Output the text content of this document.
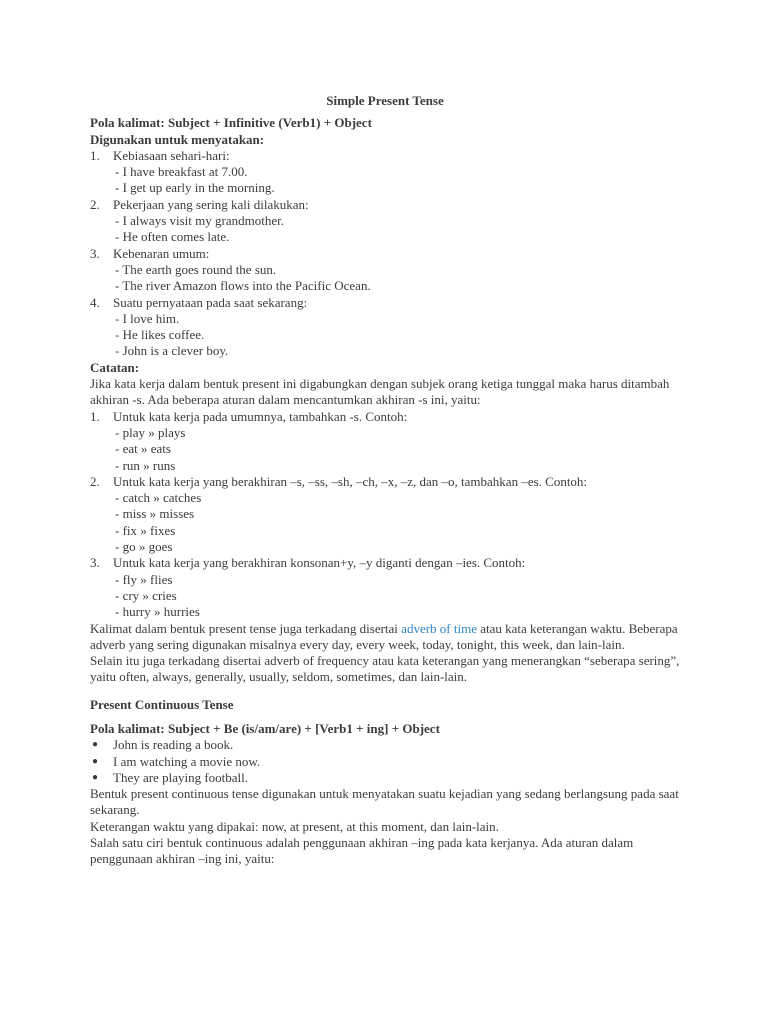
Simple Present Tense
Pola kalimat: Subject + Infinitive (Verb1) + Object
Digunakan untuk menyatakan:
1. Kebiasaan sehari-hari:
- I have breakfast at 7.00.
- I get up early in the morning.
2. Pekerjaan yang sering kali dilakukan:
- I always visit my grandmother.
- He often comes late.
3. Kebenaran umum:
- The earth goes round the sun.
- The river Amazon flows into the Pacific Ocean.
4. Suatu pernyataan pada saat sekarang:
- I love him.
- He likes coffee.
- John is a clever boy.
Catatan:
Jika kata kerja dalam bentuk present ini digabungkan dengan subjek orang ketiga tunggal maka harus ditambah akhiran -s. Ada beberapa aturan dalam mencantumkan akhiran -s ini, yaitu:
1. Untuk kata kerja pada umumnya, tambahkan -s. Contoh:
- play » plays
- eat » eats
- run » runs
2. Untuk kata kerja yang berakhiran –s, –ss, –sh, –ch, –x, –z, dan –o, tambahkan –es. Contoh:
- catch » catches
- miss » misses
- fix » fixes
- go » goes
3. Untuk kata kerja yang berakhiran konsonan+y, –y diganti dengan –ies. Contoh:
- fly » flies
- cry » cries
- hurry » hurries
Kalimat dalam bentuk present tense juga terkadang disertai adverb of time atau kata keterangan waktu. Beberapa adverb yang sering digunakan misalnya every day, every week, today, tonight, this week, dan lain-lain.
Selain itu juga terkadang disertai adverb of frequency atau kata keterangan yang menerangkan “seberapa sering”, yaitu often, always, generally, usually, seldom, sometimes, dan lain-lain.
Present Continuous Tense
Pola kalimat: Subject + Be (is/am/are) + [Verb1 + ing] + Object
● John is reading a book.
● I am watching a movie now.
● They are playing football.
Bentuk present continuous tense digunakan untuk menyatakan suatu kejadian yang sedang berlangsung pada saat sekarang.
Keterangan waktu yang dipakai: now, at present, at this moment, dan lain-lain.
Salah satu ciri bentuk continuous adalah penggunaan akhiran –ing pada kata kerjanya. Ada aturan dalam penggunaan akhiran –ing ini, yaitu:
